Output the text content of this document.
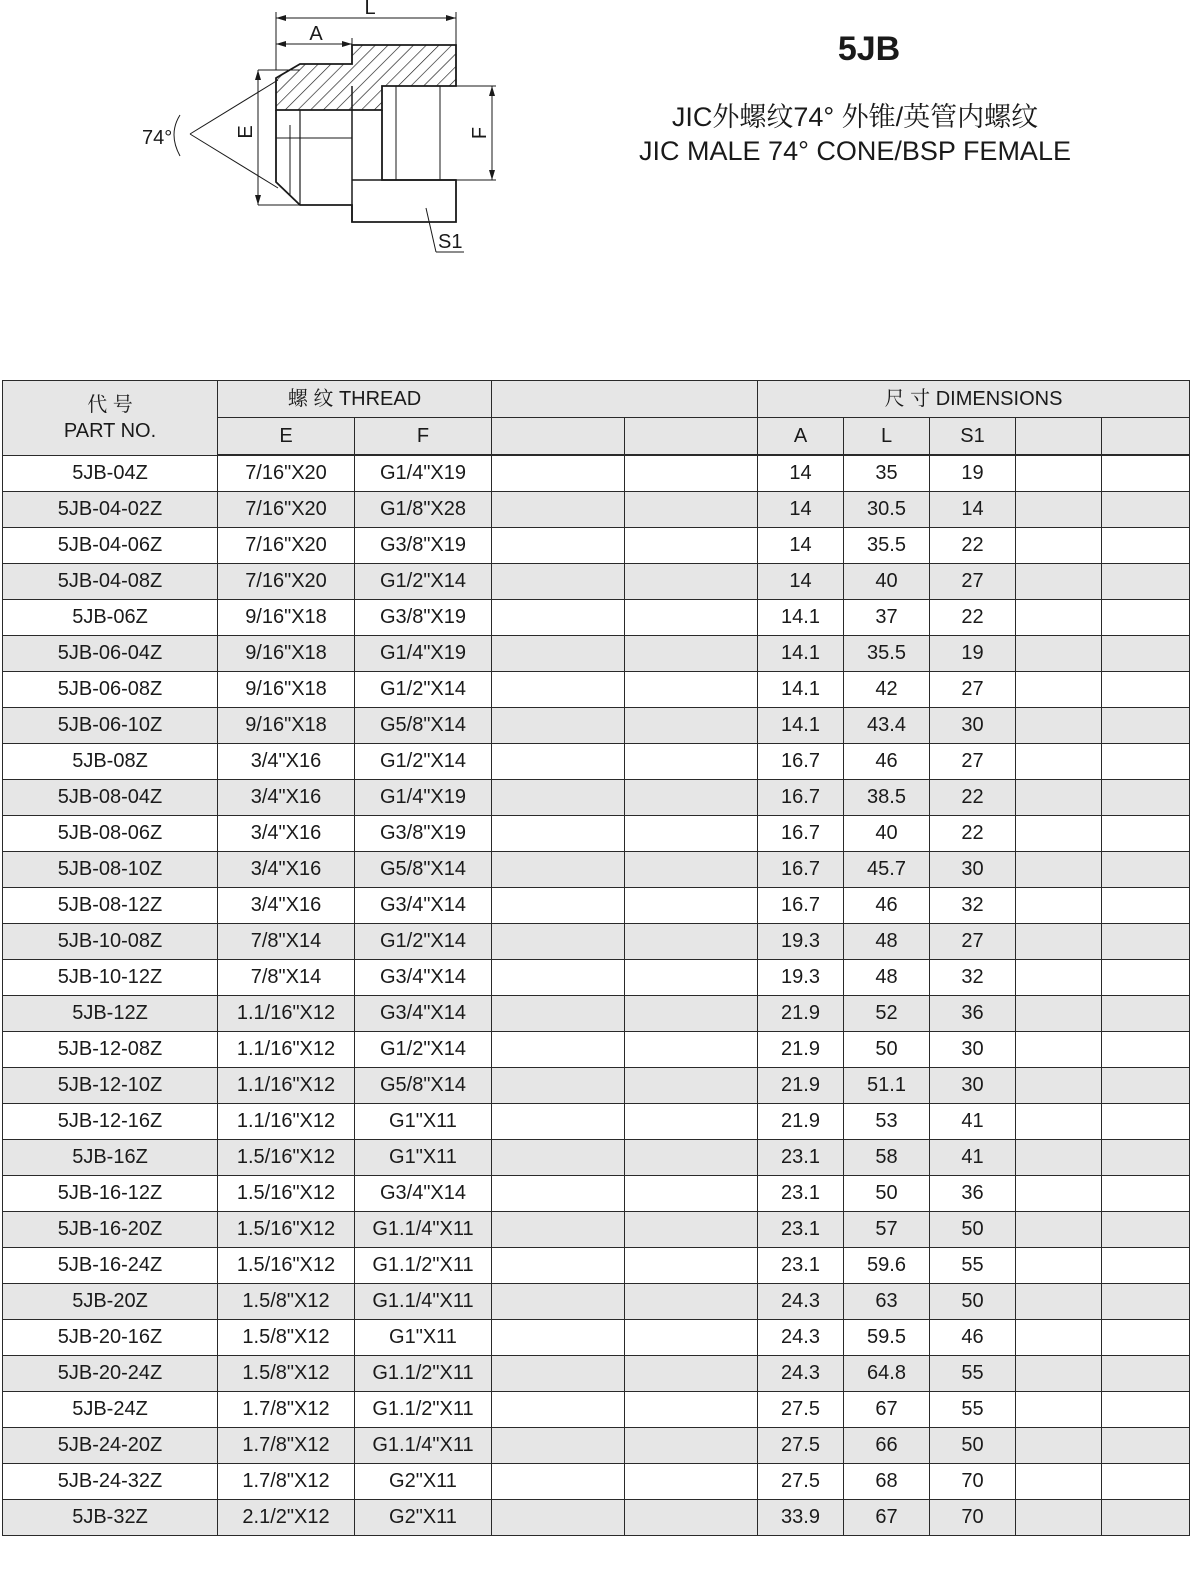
L
A
E	F
74°
S1
5JB
JIC外螺纹74° 外锥/英管内螺纹
JIC MALE 74° CONE/BSP FEMALE
代 号
PART NO.	螺 纹 THREAD				尺 寸 DIMENSIONS				
	E	F			A	L	S1		
5JB-04Z	7/16"X20	G1/4"X19			14	35	19		
5JB-04-02Z	7/16"X20	G1/8"X28			14	30.5	14		
5JB-04-06Z	7/16"X20	G3/8"X19			14	35.5	22		
5JB-04-08Z	7/16"X20	G1/2"X14			14	40	27		
5JB-06Z	9/16"X18	G3/8"X19			14.1	37	22		
5JB-06-04Z	9/16"X18	G1/4"X19			14.1	35.5	19		
5JB-06-08Z	9/16"X18	G1/2"X14			14.1	42	27		
5JB-06-10Z	9/16"X18	G5/8"X14			14.1	43.4	30		
5JB-08Z	3/4"X16	G1/2"X14			16.7	46	27		
5JB-08-04Z	3/4"X16	G1/4"X19			16.7	38.5	22		
5JB-08-06Z	3/4"X16	G3/8"X19			16.7	40	22		
5JB-08-10Z	3/4"X16	G5/8"X14			16.7	45.7	30		
5JB-08-12Z	3/4"X16	G3/4"X14			16.7	46	32		
5JB-10-08Z	7/8"X14	G1/2"X14			19.3	48	27		
5JB-10-12Z	7/8"X14	G3/4"X14			19.3	48	32		
5JB-12Z	1.1/16"X12	G3/4"X14			21.9	52	36		
5JB-12-08Z	1.1/16"X12	G1/2"X14			21.9	50	30		
5JB-12-10Z	1.1/16"X12	G5/8"X14			21.9	51.1	30		
5JB-12-16Z	1.1/16"X12	G1"X11			21.9	53	41		
5JB-16Z	1.5/16"X12	G1"X11			23.1	58	41		
5JB-16-12Z	1.5/16"X12	G3/4"X14			23.1	50	36		
5JB-16-20Z	1.5/16"X12	G1.1/4"X11			23.1	57	50		
5JB-16-24Z	1.5/16"X12	G1.1/2"X11			23.1	59.6	55		
5JB-20Z	1.5/8"X12	G1.1/4"X11			24.3	63	50		
5JB-20-16Z	1.5/8"X12	G1"X11			24.3	59.5	46		
5JB-20-24Z	1.5/8"X12	G1.1/2"X11			24.3	64.8	55		
5JB-24Z	1.7/8"X12	G1.1/2"X11			27.5	67	55		
5JB-24-20Z	1.7/8"X12	G1.1/4"X11			27.5	66	50		
5JB-24-32Z	1.7/8"X12	G2"X11			27.5	68	70		
5JB-32Z	2.1/2"X12	G2"X11			33.9	67	70		
